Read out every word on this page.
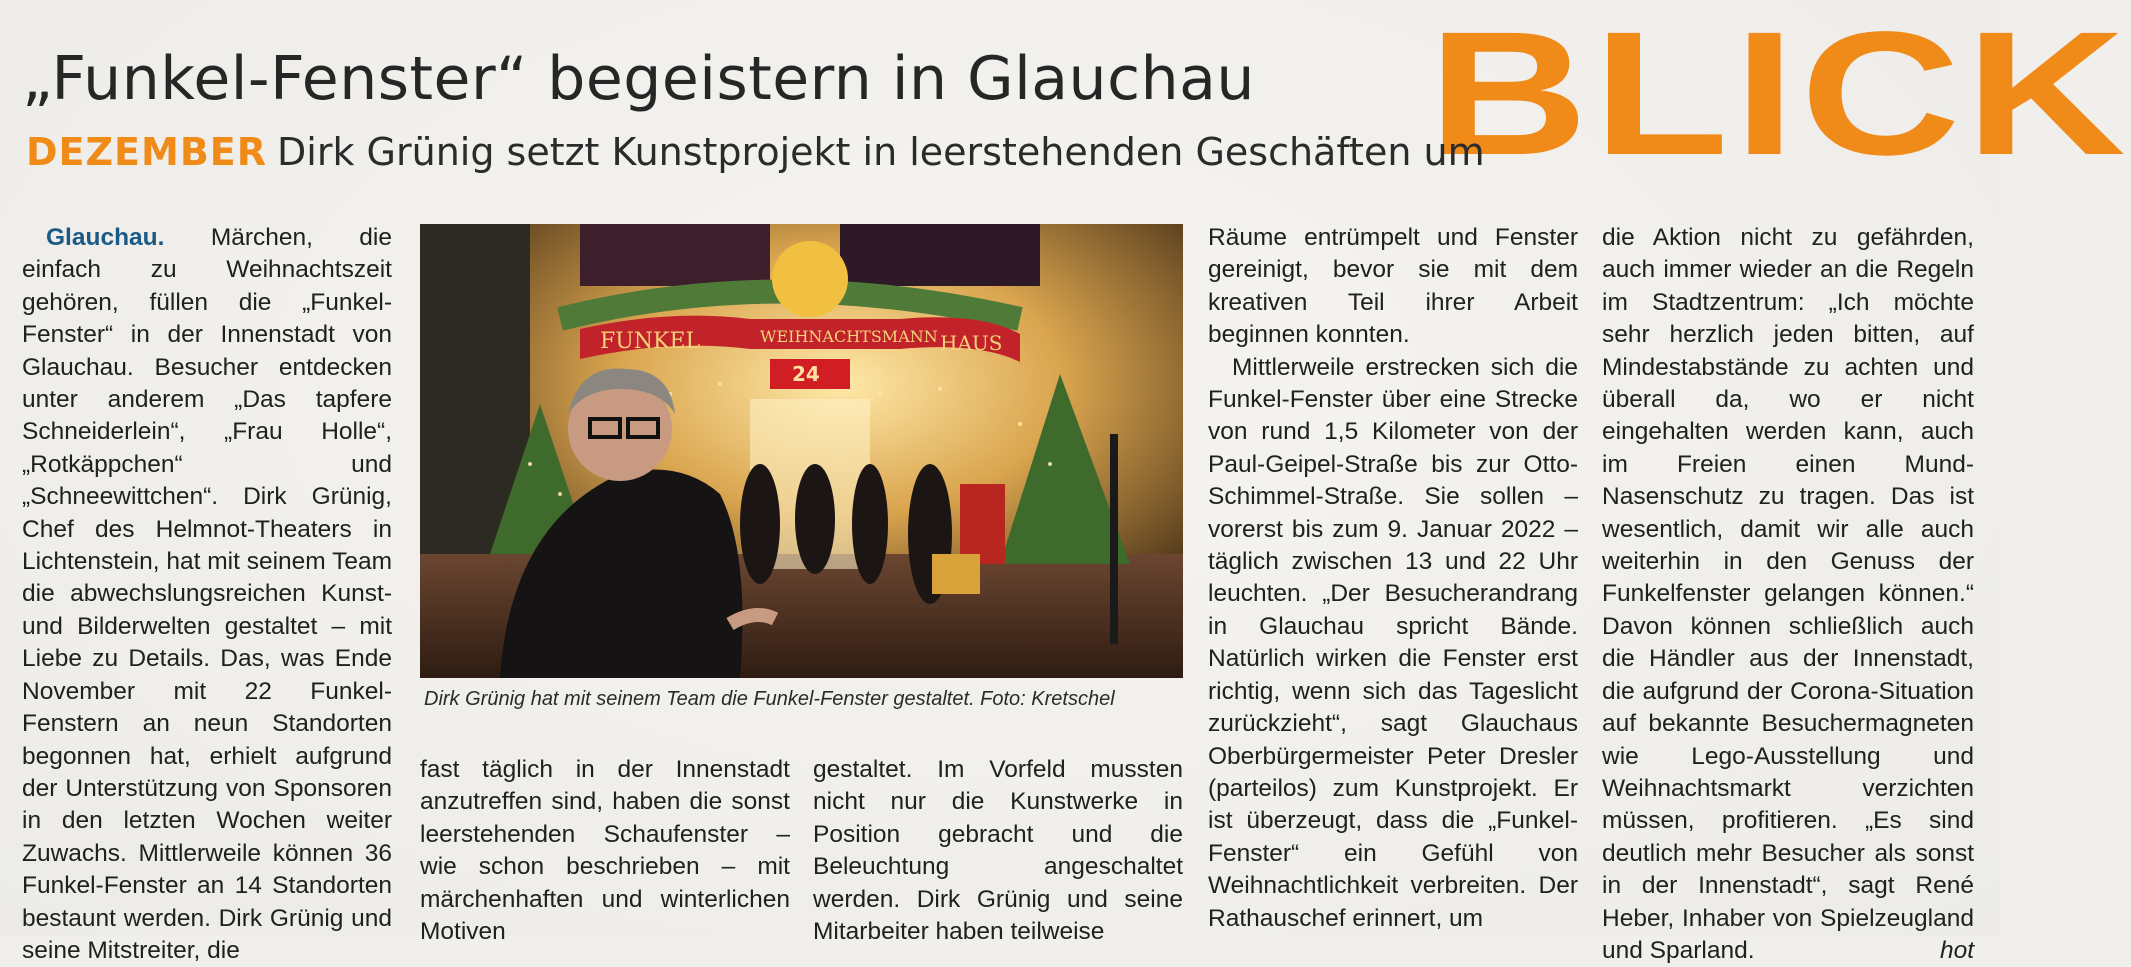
„Funkel-Fenster“ begeistern in Glauchau BLICK
DEZEMBER Dirk Grünig setzt Kunstprojekt in leerstehenden Geschäften um

Glauchau. Märchen, die einfach zu Weihnachtszeit gehören, füllen die „Funkel-Fenster“ in der Innenstadt von Glauchau. Besucher entdecken unter anderem „Das tapfere Schneiderlein“, „Frau Holle“, „Rotkäppchen“ und „Schneewittchen“. Dirk Grünig, Chef des Helmnot-Theaters in Lichtenstein, hat mit seinem Team die abwechslungsreichen Kunst- und Bilderwelten gestaltet – mit Liebe zu Details. Das, was Ende November mit 22 Funkel-Fenstern an neun Standorten begonnen hat, erhielt aufgrund der Unterstützung von Sponsoren in den letzten Wochen weiter Zuwachs. Mittlerweile können 36 Funkel-Fenster an 14 Standorten bestaunt werden. Dirk Grünig und seine Mitstreiter, die

FUNKEL	WEIHNACHTSMANN HAUS
24
Dirk Grünig hat mit seinem Team die Funkel-Fenster gestaltet. Foto: Kretschel

fast täglich in der Innenstadt anzutreffen sind, haben die sonst leerstehenden Schaufenster – wie schon beschrieben – mit märchenhaften und winterlichen Motiven

gestaltet. Im Vorfeld mussten nicht nur die Kunstwerke in Position gebracht und die Beleuchtung angeschaltet werden. Dirk Grünig und seine Mitarbeiter haben teilweise

Räume entrümpelt und Fenster gereinigt, bevor sie mit dem kreativen Teil ihrer Arbeit beginnen konnten.

Mittlerweile erstrecken sich die Funkel-Fenster über eine Strecke von rund 1,5 Kilometer von der Paul-Geipel-Straße bis zur Otto-Schimmel-Straße. Sie sollen – vorerst bis zum 9. Januar 2022 – täglich zwischen 13 und 22 Uhr leuchten. „Der Besucherandrang in Glauchau spricht Bände. Natürlich wirken die Fenster erst richtig, wenn sich das Tageslicht zurückzieht“, sagt Glauchaus Oberbürgermeister Peter Dresler (parteilos) zum Kunstprojekt. Er ist überzeugt, dass die „Funkel-Fenster“ ein Gefühl von Weihnachtlichkeit verbreiten. Der Rathauschef erinnert, um

die Aktion nicht zu gefährden, auch immer wieder an die Regeln im Stadtzentrum: „Ich möchte sehr herzlich jeden bitten, auf Mindestabstände zu achten und überall da, wo er nicht eingehalten werden kann, auch im Freien einen Mund-Nasenschutz zu tragen. Das ist wesentlich, damit wir alle auch weiterhin in den Genuss der Funkelfenster gelangen können.“ Davon können schließlich auch die Händler aus der Innenstadt, die aufgrund der Corona-Situation auf bekannte Besuchermagneten wie Lego-Ausstellung und Weihnachtsmarkt verzichten müssen, profitieren. „Es sind deutlich mehr Besucher als sonst in der Innenstadt“, sagt René Heber, Inhaber von Spielzeugland und Sparland.	hot
